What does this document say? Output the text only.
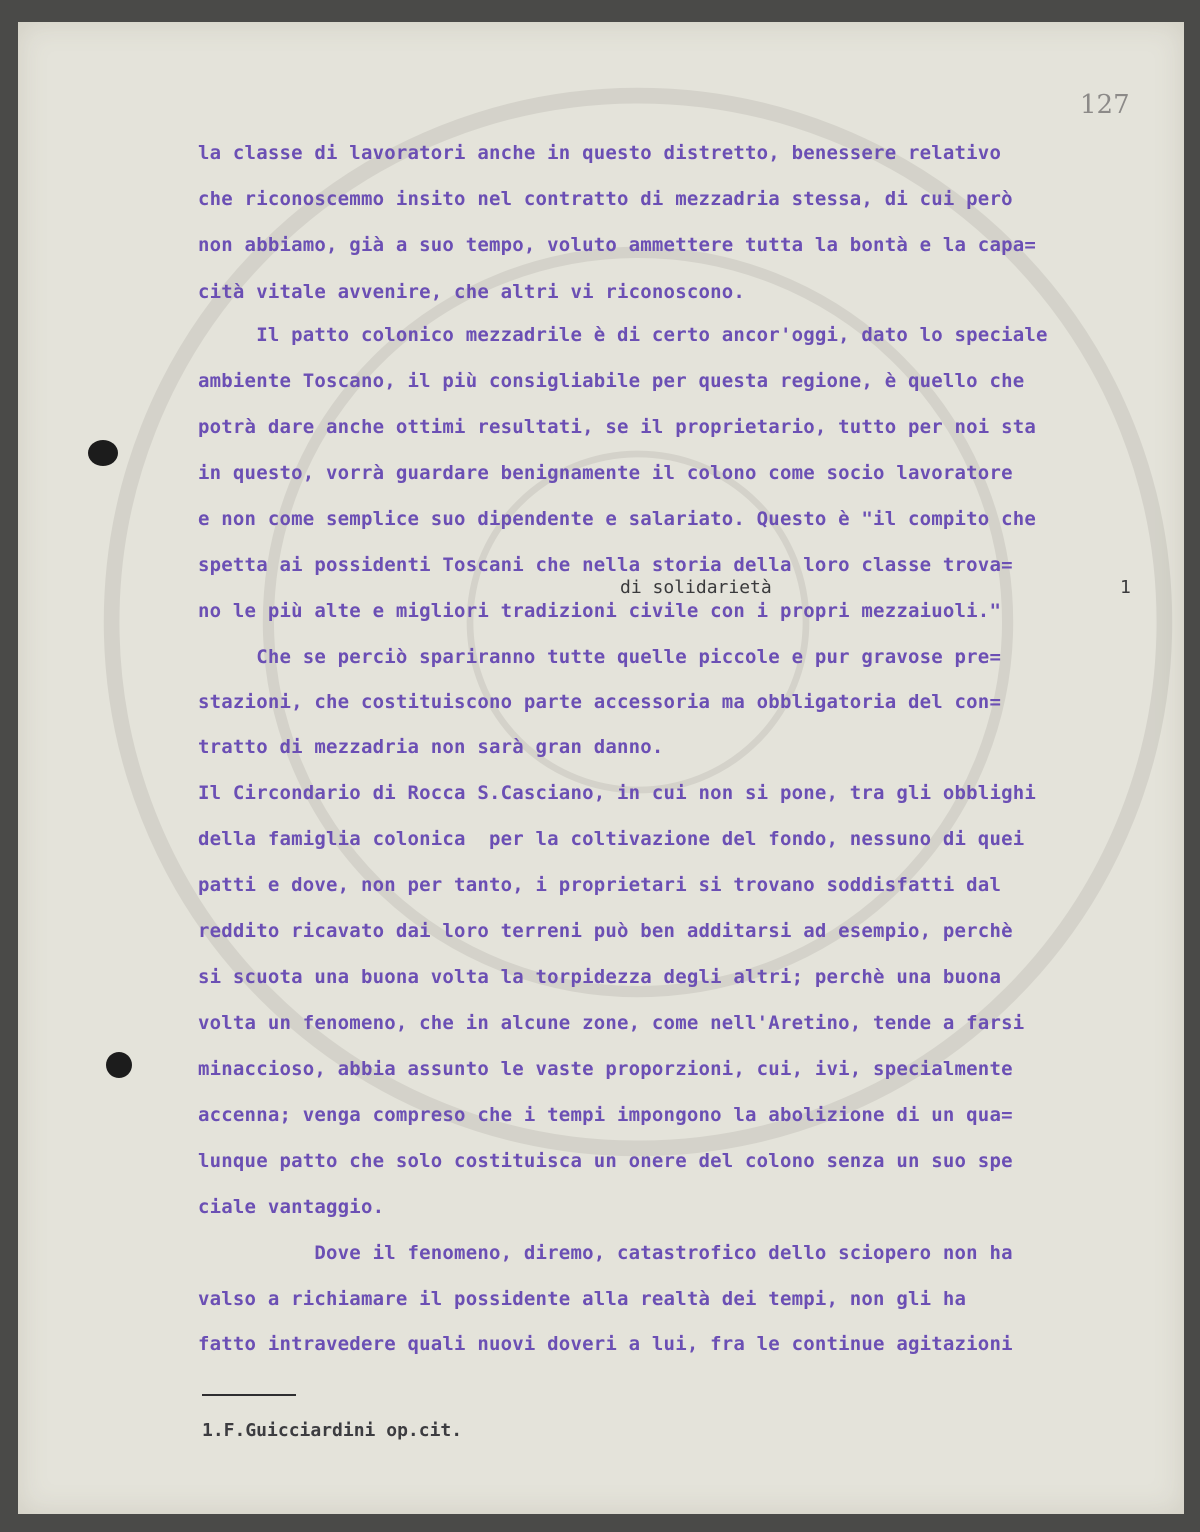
127
la classe di lavoratori anche in questo distretto, benessere relativo
che riconoscemmo insito nel contratto di mezzadria stessa, di cui però
non abbiamo, già a suo tempo, voluto ammettere tutta la bontà e la capa=
cità vitale avvenire, che altri vi riconoscono.
Il patto colonico mezzadrile è di certo ancor'oggi, dato lo speciale
ambiente Toscano, il più consigliabile per questa regione, è quello che
potrà dare anche ottimi resultati, se il proprietario, tutto per noi sta
in questo, vorrà guardare benignamente il colono come socio lavoratore
e non come semplice suo dipendente e salariato. Questo è "il compito che
spetta ai possidenti Toscani che nella storia della loro classe trova=
di solidarietà	1
no le più alte e migliori tradizioni civile con i propri mezzaiuoli."
Che se perciò spariranno tutte quelle piccole e pur gravose pre=
stazioni, che costituiscono parte accessoria ma obbligatoria del con=
tratto di mezzadria non sarà gran danno.
Il Circondario di Rocca S.Casciano, in cui non si pone, tra gli obblighi
della famiglia colonica  per la coltivazione del fondo, nessuno di quei
patti e dove, non per tanto, i proprietari si trovano soddisfatti dal
reddito ricavato dai loro terreni può ben additarsi ad esempio, perchè
si scuota una buona volta la torpidezza degli altri; perchè una buona
volta un fenomeno, che in alcune zone, come nell'Aretino, tende a farsi
minaccioso, abbia assunto le vaste proporzioni, cui, ivi, specialmente
accenna; venga compreso che i tempi impongono la abolizione di un qua=
lunque patto che solo costituisca un onere del colono senza un suo spe
ciale vantaggio.
Dove il fenomeno, diremo, catastrofico dello sciopero non ha
valso a richiamare il possidente alla realtà dei tempi, non gli ha
fatto intravedere quali nuovi doveri a lui, fra le continue agitazioni
1.F.Guicciardini op.cit.
